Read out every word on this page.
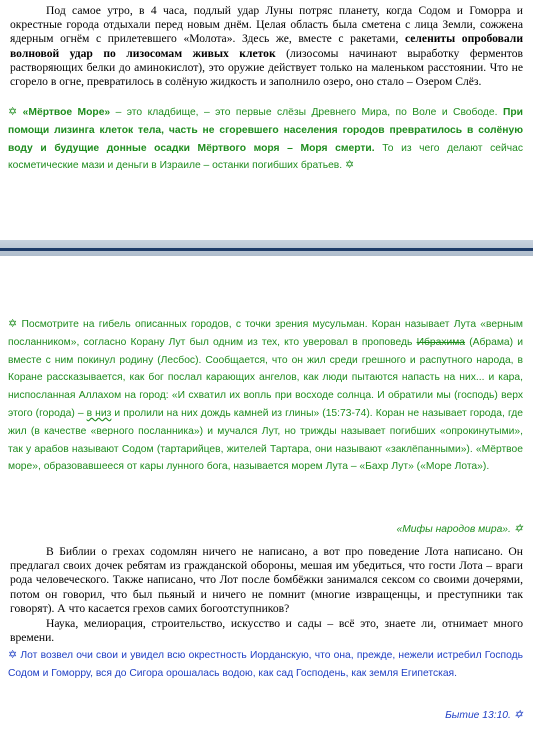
Под самое утро, в 4 часа, подлый удар Луны потряс планету, когда Содом и Гоморра и окрестные города отдыхали перед новым днём. Целая область была сметена с лица Земли, сожжена ядерным огнём с прилетевшего «Молота». Здесь же, вместе с ракетами, селениты опробовали волновой удар по лизосомам живых клеток (лизосомы начинают выработку ферментов растворяющих белки до аминокислот), это оружие действует только на маленьком расстоянии. Что не сгорело в огне, превратилось в солёную жидкость и заполнило озеро, оно стало – Озером Слёз.

✡ «Мёртвое Море» – это кладбище, – это первые слёзы Древнего Мира, по Воле и Свободе. При помощи лизинга клеток тела, часть не сгоревшего населения городов превратилось в солёную воду и будущие донные осадки Мёртвого моря – Моря смерти. То из чего делают сейчас косметические мази и деньги в Израиле – останки погибших братьев. ✡

✡ Посмотрите на гибель описанных городов, с точки зрения мусульман. Коран называет Лута «верным посланником», согласно Корану Лут был одним из тех, кто уверовал в проповедь Ибрахима (Абрама) и вместе с ним покинул родину (Лесбос). Сообщается, что он жил среди грешного и распутного народа, в Коране рассказывается, как бог послал карающих ангелов, как люди пытаются напасть на них... и кара, ниспосланная Аллахом на город: «И схватил их вопль при восходе солнца. И обратили мы (господь) верх этого (города) – в низ и пролили на них дождь камней из глины» (15:73-74). Коран не называет города, где жил (в качестве «верного посланника») и мучался Лут, но трижды называет погибших «опрокинутыми», так у арабов называют Содом (тартарийцев, жителей Тартара, они называют «заклёпанными»). «Мёртвое море», образовавшееся от кары лунного бога, называется морем Лута – «Бахр Лут» («Море Лота»).

«Мифы народов мира». ✡

В Библии о грехах содомлян ничего не написано, а вот про поведение Лота написано. Он предлагал своих дочек ребятам из гражданской обороны, мешая им убедиться, что гости Лота – враги рода человеческого. Также написано, что Лот после бомбёжки занимался сексом со своими дочерями, потом он говорил, что был пьяный и ничего не помнит (многие извращенцы, и преступники так говорят). А что касается грехов самих богоотступников?

Наука, мелиорация, строительство, искусство и сады – всё это, знаете ли, отнимает много времени.

✡ Лот возвел очи свои и увидел всю окрестность Иорданскую, что она, прежде, нежели истребил Господь Содом и Гоморру, вся до Сигора орошалась водою, как сад Господень, как земля Египетская.

Бытие 13:10. ✡
